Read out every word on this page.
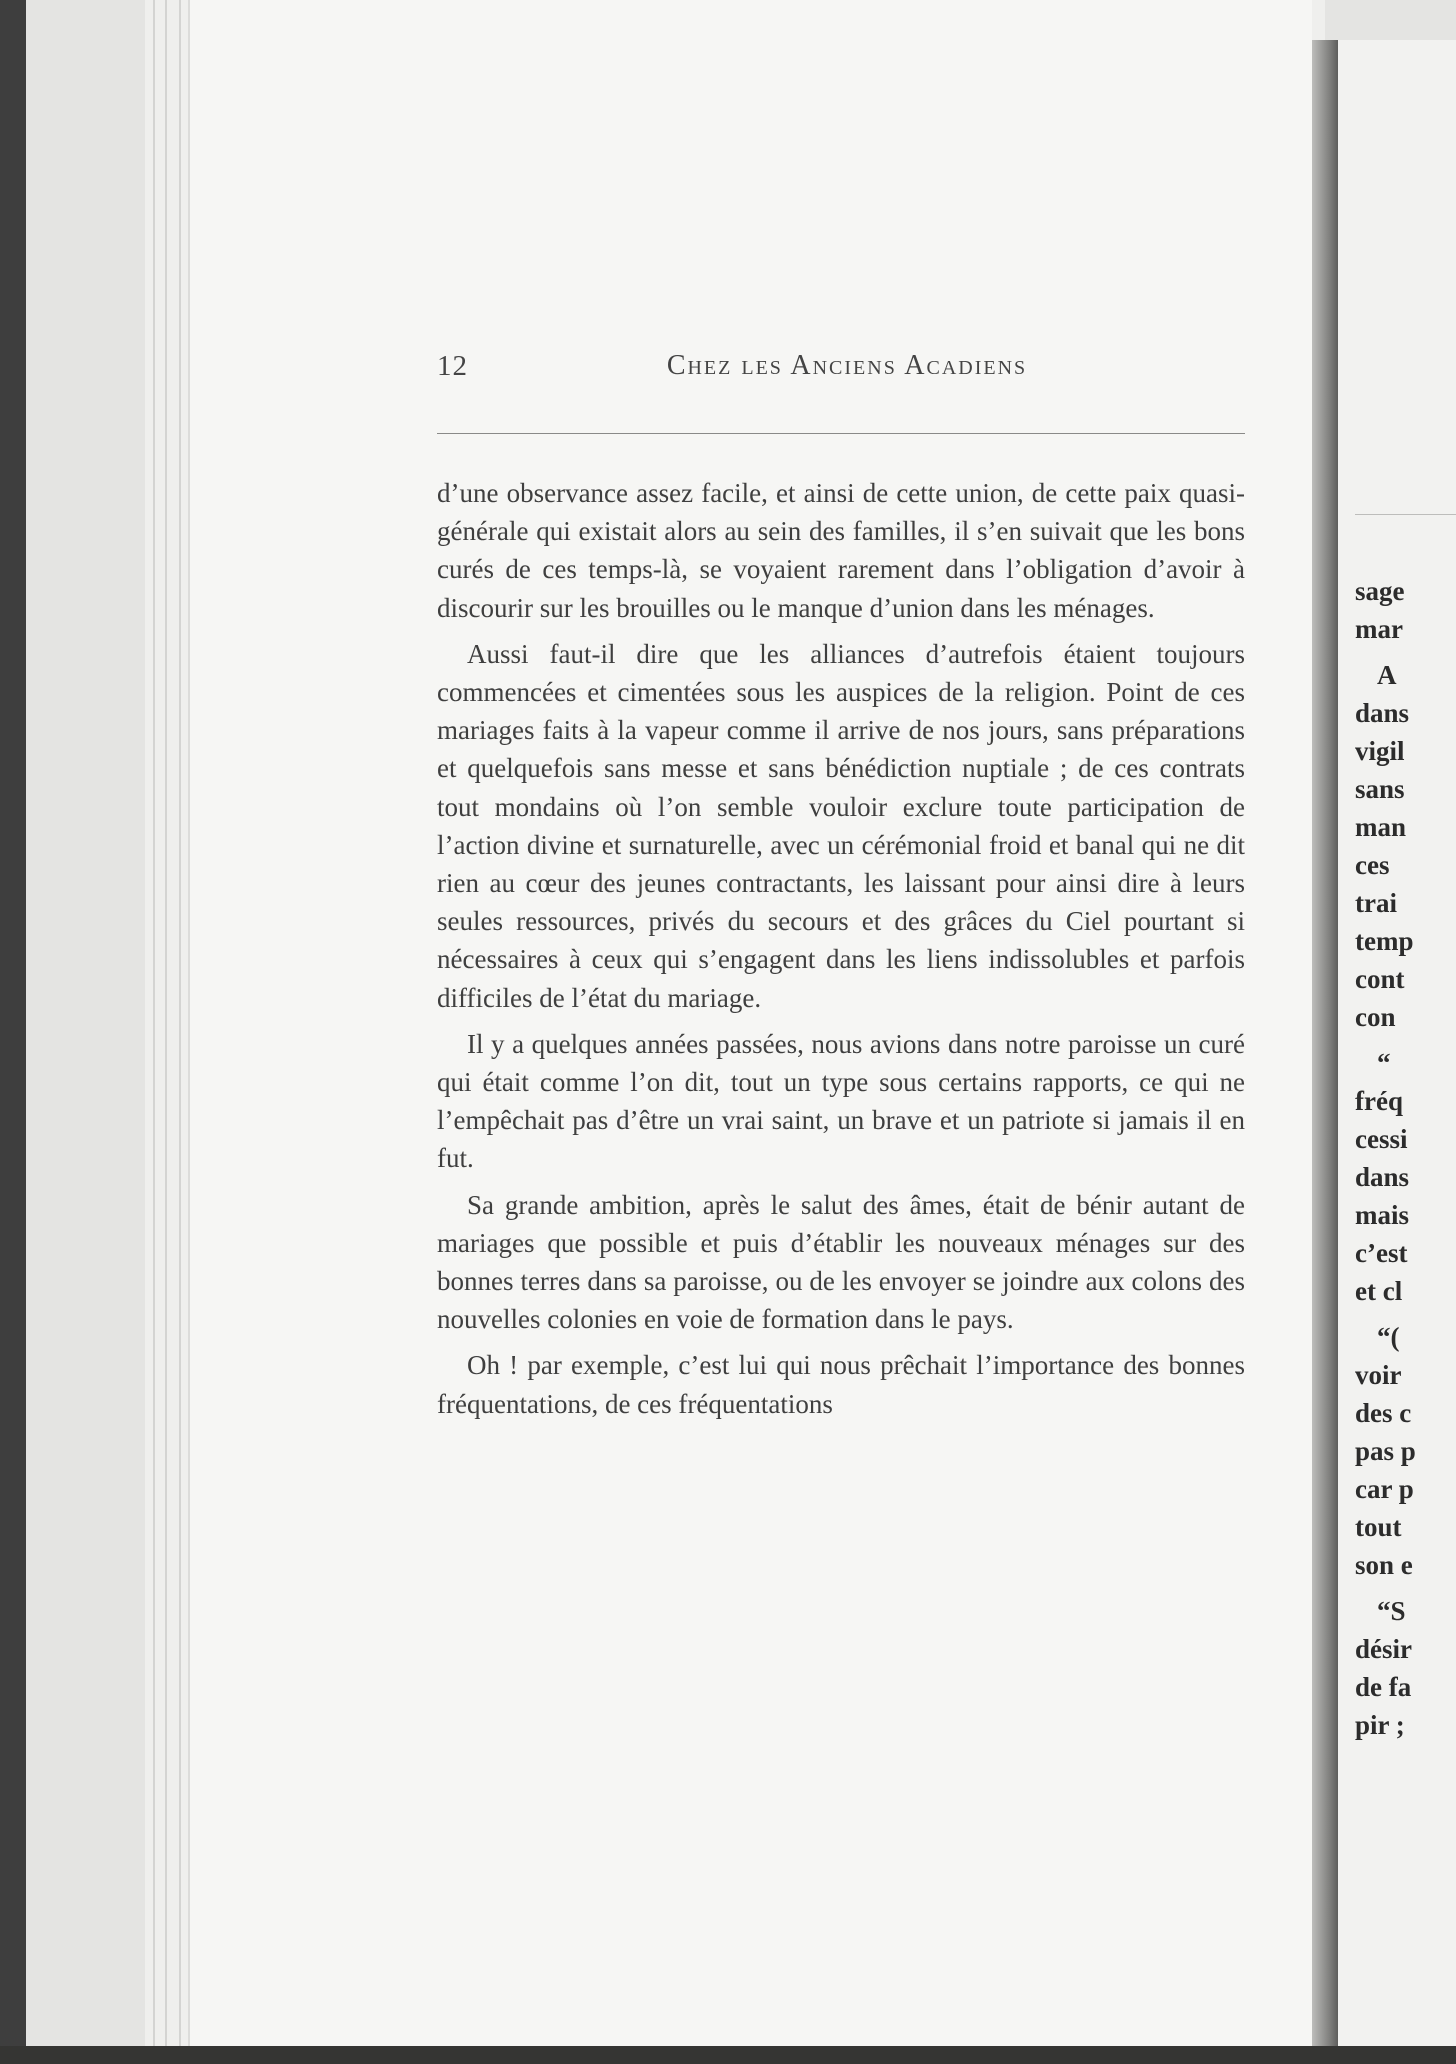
sage
mar
A
dans
vigil
sans
man
ces
trai
temp
cont
con
“
fréq
cessi
dans
mais
c’est
et cl
“(
voir
des c
pas p
car p
tout
son e
“S
désir
de fa
pir ;
12	Chez les Anciens Acadiens

d’une observance assez facile, et ainsi de cette union, de cette paix quasi-générale qui existait alors au sein des familles, il s’en suivait que les bons curés de ces temps-là, se voyaient rarement dans l’obligation d’avoir à discourir sur les brouilles ou le manque d’union dans les ménages.

Aussi faut-il dire que les alliances d’autrefois étaient toujours commencées et cimentées sous les auspices de la religion. Point de ces mariages faits à la vapeur comme il arrive de nos jours, sans préparations et quelquefois sans messe et sans bénédiction nuptiale ; de ces contrats tout mondains où l’on semble vouloir exclure toute participation de l’action divine et surnaturelle, avec un cérémonial froid et banal qui ne dit rien au cœur des jeunes contractants, les laissant pour ainsi dire à leurs seules ressources, privés du secours et des grâces du Ciel pourtant si nécessaires à ceux qui s’engagent dans les liens indissolubles et parfois difficiles de l’état du mariage.

Il y a quelques années passées, nous avions dans notre paroisse un curé qui était comme l’on dit, tout un type sous certains rapports, ce qui ne l’empêchait pas d’être un vrai saint, un brave et un patriote si jamais il en fut.

Sa grande ambition, après le salut des âmes, était de bénir autant de mariages que possible et puis d’établir les nouveaux ménages sur des bonnes terres dans sa paroisse, ou de les envoyer se joindre aux colons des nouvelles colonies en voie de formation dans le pays.

Oh ! par exemple, c’est lui qui nous prêchait l’importance des bonnes fréquentations, de ces fréquentations
